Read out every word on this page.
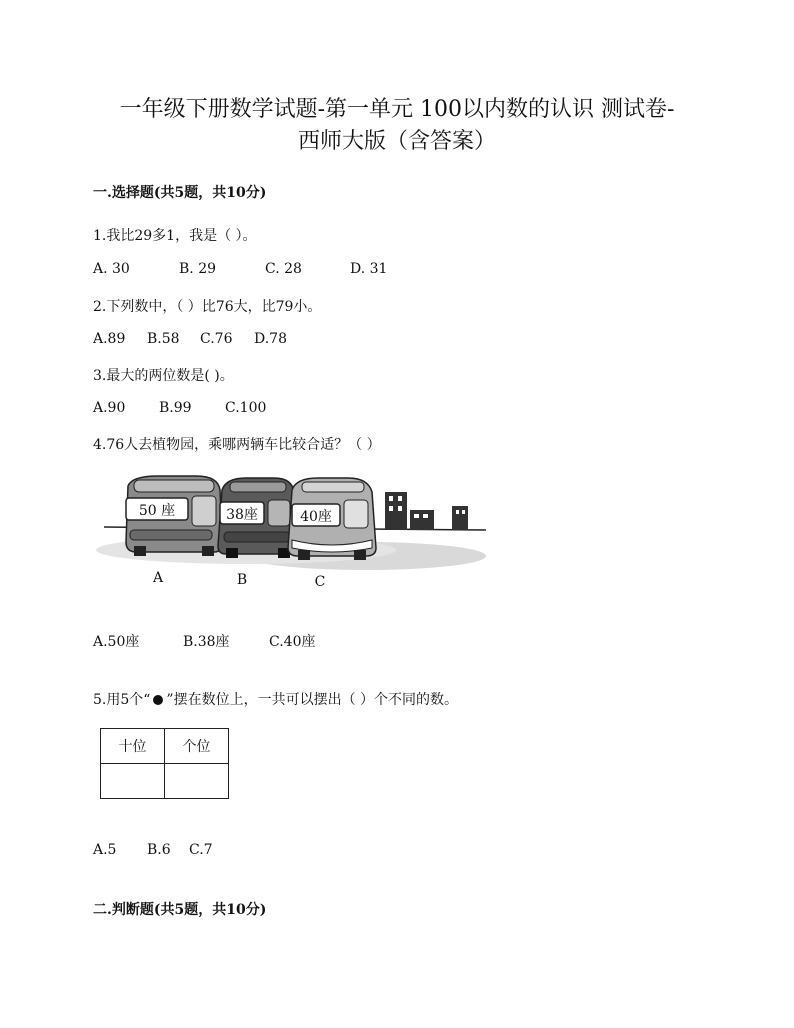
一年级下册数学试题-第一单元 100以内数的认识 测试卷-
西师大版（含答案）
一.选择题(共5题，共10分)
1.我比29多1，我是（ ）。
A. 30	B. 29	C. 28	D. 31
2.下列数中，（ ）比76大，比79小。
A.89	B.58	C.76	D.78
3.最大的两位数是( )。
A.90	B.99	C.100
4.76人去植物园，乘哪两辆车比较合适？（ ）
50 座	38座	40座
A	B	C
A.50座	B.38座	C.40座
5.用5个“ ”摆在数位上，一共可以摆出（ ）个不同的数。
十位	个位

A.5	B.6	C.7
二.判断题(共5题，共10分)
